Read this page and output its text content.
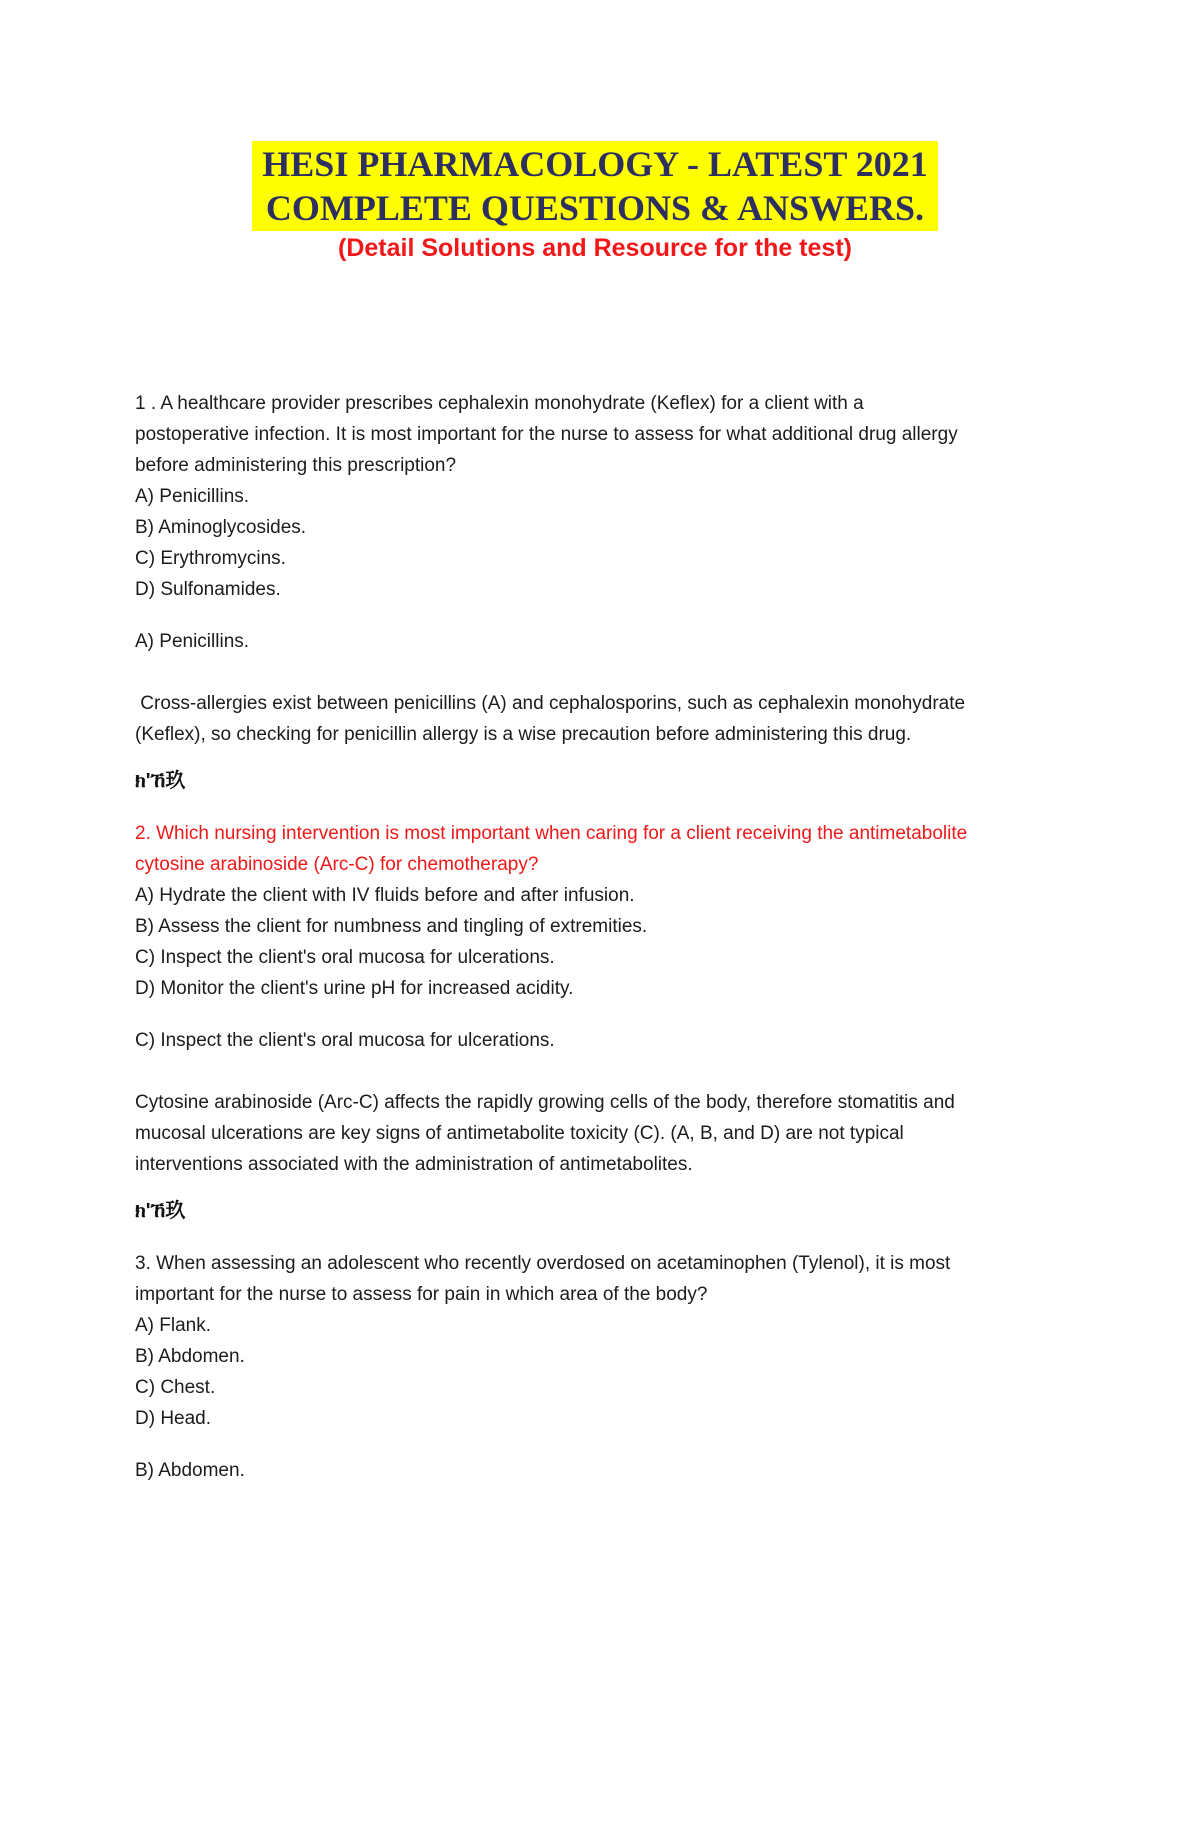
HESI PHARMACOLOGY - LATEST 2021
COMPLETE QUESTIONS & ANSWERS.
(Detail Solutions and Resource for the test)
1 . A healthcare provider prescribes cephalexin monohydrate (Keflex) for a client with a
postoperative infection. It is most important for the nurse to assess for what additional drug allergy
before administering this prescription?
A) Penicillins.
B) Aminoglycosides.
C) Erythromycins.
D) Sulfonamides.
A) Penicillins.
Cross-allergies exist between penicillins (A) and cephalosporins, such as cephalexin monohydrate
(Keflex), so checking for penicillin allergy is a wise precaution before administering this drug.
ክ'ኸ玖
2. Which nursing intervention is most important when caring for a client receiving the antimetabolite
cytosine arabinoside (Arc-C) for chemotherapy?
A) Hydrate the client with IV fluids before and after infusion.
B) Assess the client for numbness and tingling of extremities.
C) Inspect the client's oral mucosa for ulcerations.
D) Monitor the client's urine pH for increased acidity.
C) Inspect the client's oral mucosa for ulcerations.
Cytosine arabinoside (Arc-C) affects the rapidly growing cells of the body, therefore stomatitis and
mucosal ulcerations are key signs of antimetabolite toxicity (C). (A, B, and D) are not typical
interventions associated with the administration of antimetabolites.
ክ'ኸ玖
3. When assessing an adolescent who recently overdosed on acetaminophen (Tylenol), it is most
important for the nurse to assess for pain in which area of the body?
A) Flank.
B) Abdomen.
C) Chest.
D) Head.
B) Abdomen.
